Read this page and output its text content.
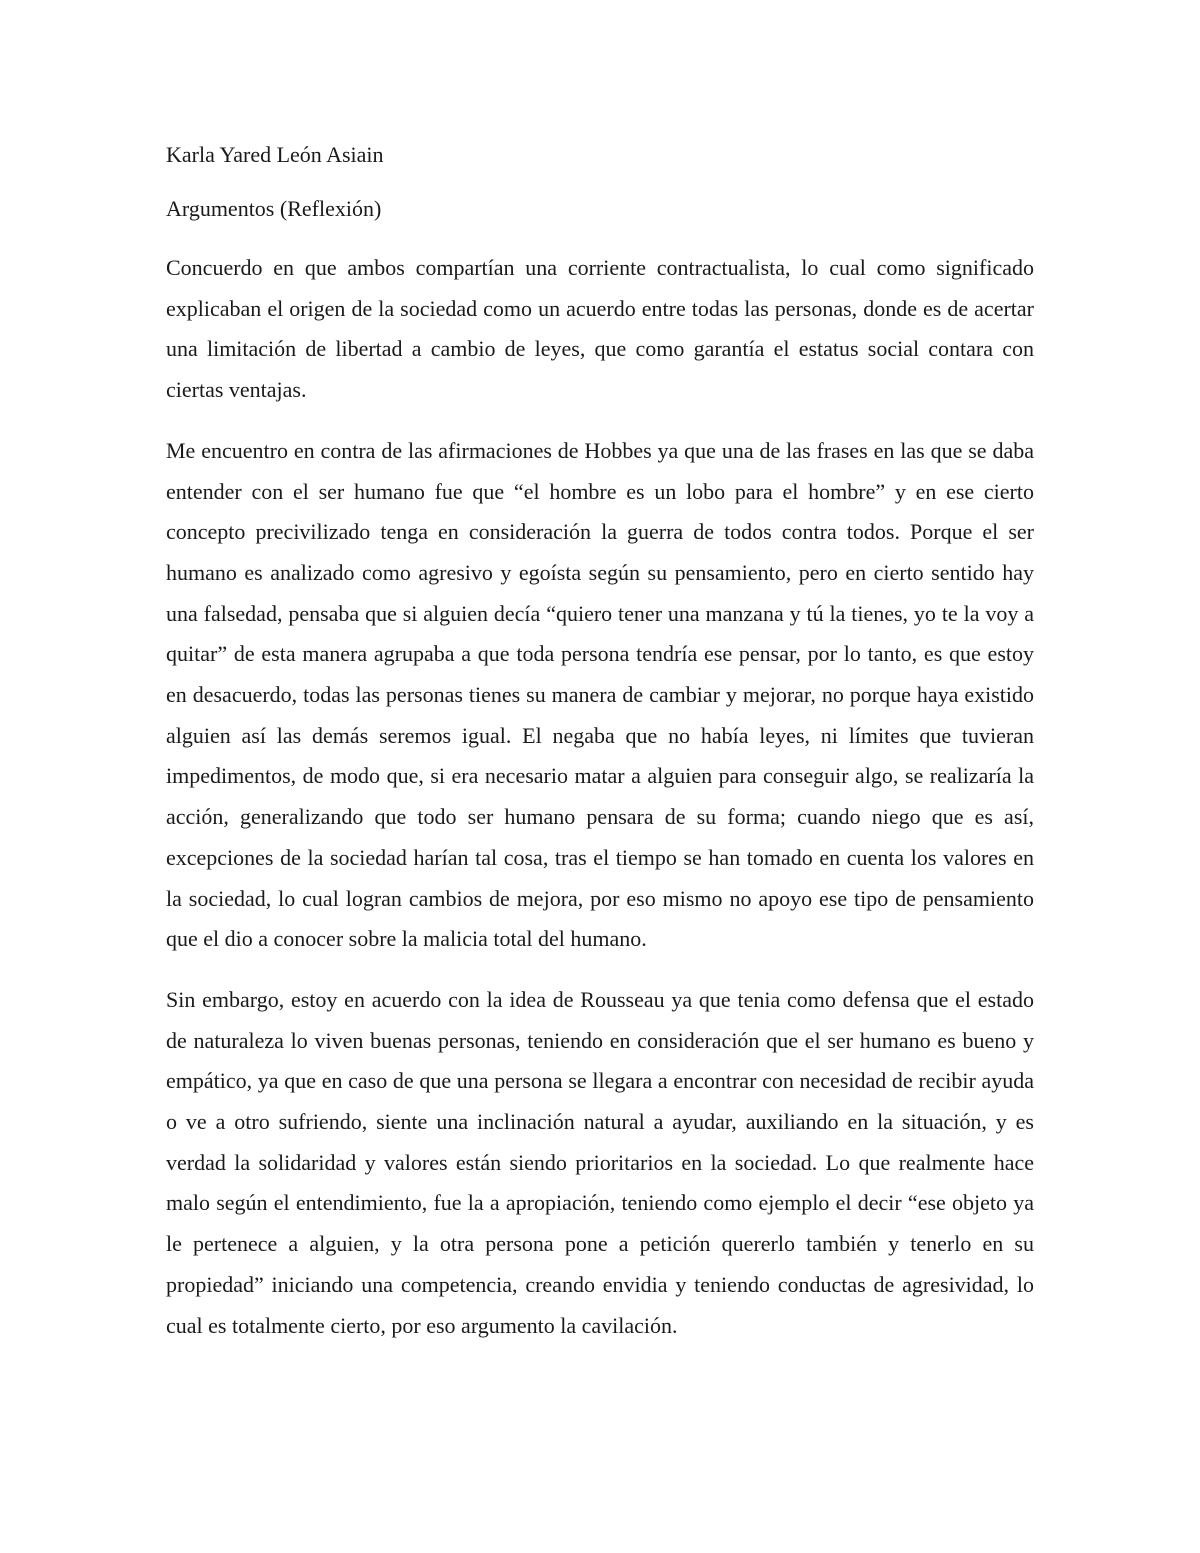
Karla Yared León Asiain

Argumentos (Reflexión)

Concuerdo en que ambos compartían una corriente contractualista, lo cual como significado explicaban el origen de la sociedad como un acuerdo entre todas las personas, donde es de acertar una limitación de libertad a cambio de leyes, que como garantía el estatus social contara con ciertas ventajas.

Me encuentro en contra de las afirmaciones de Hobbes ya que una de las frases en las que se daba entender con el ser humano fue que “el hombre es un lobo para el hombre” y en ese cierto concepto precivilizado tenga en consideración la guerra de todos contra todos. Porque el ser humano es analizado como agresivo y egoísta según su pensamiento, pero en cierto sentido hay una falsedad, pensaba que si alguien decía “quiero tener una manzana y tú la tienes, yo te la voy a quitar” de esta manera agrupaba a que toda persona tendría ese pensar, por lo tanto, es que estoy en desacuerdo, todas las personas tienes su manera de cambiar y mejorar, no porque haya existido alguien así las demás seremos igual. El negaba que no había leyes, ni límites que tuvieran impedimentos, de modo que, si era necesario matar a alguien para conseguir algo, se realizaría la acción, generalizando que todo ser humano pensara de su forma; cuando niego que es así, excepciones de la sociedad harían tal cosa, tras el tiempo se han tomado en cuenta los valores en la sociedad, lo cual logran cambios de mejora, por eso mismo no apoyo ese tipo de pensamiento que el dio a conocer sobre la malicia total del humano.

Sin embargo, estoy en acuerdo con la idea de Rousseau ya que tenia como defensa que el estado de naturaleza lo viven buenas personas, teniendo en consideración que el ser humano es bueno y empático, ya que en caso de que una persona se llegara a encontrar con necesidad de recibir ayuda o ve a otro sufriendo, siente una inclinación natural a ayudar, auxiliando en la situación, y es verdad la solidaridad y valores están siendo prioritarios en la sociedad. Lo que realmente hace malo según el entendimiento, fue la a apropiación, teniendo como ejemplo el decir “ese objeto ya le pertenece a alguien, y la otra persona pone a petición quererlo también y tenerlo en su propiedad” iniciando una competencia, creando envidia y teniendo conductas de agresividad, lo cual es totalmente cierto, por eso argumento la cavilación.
